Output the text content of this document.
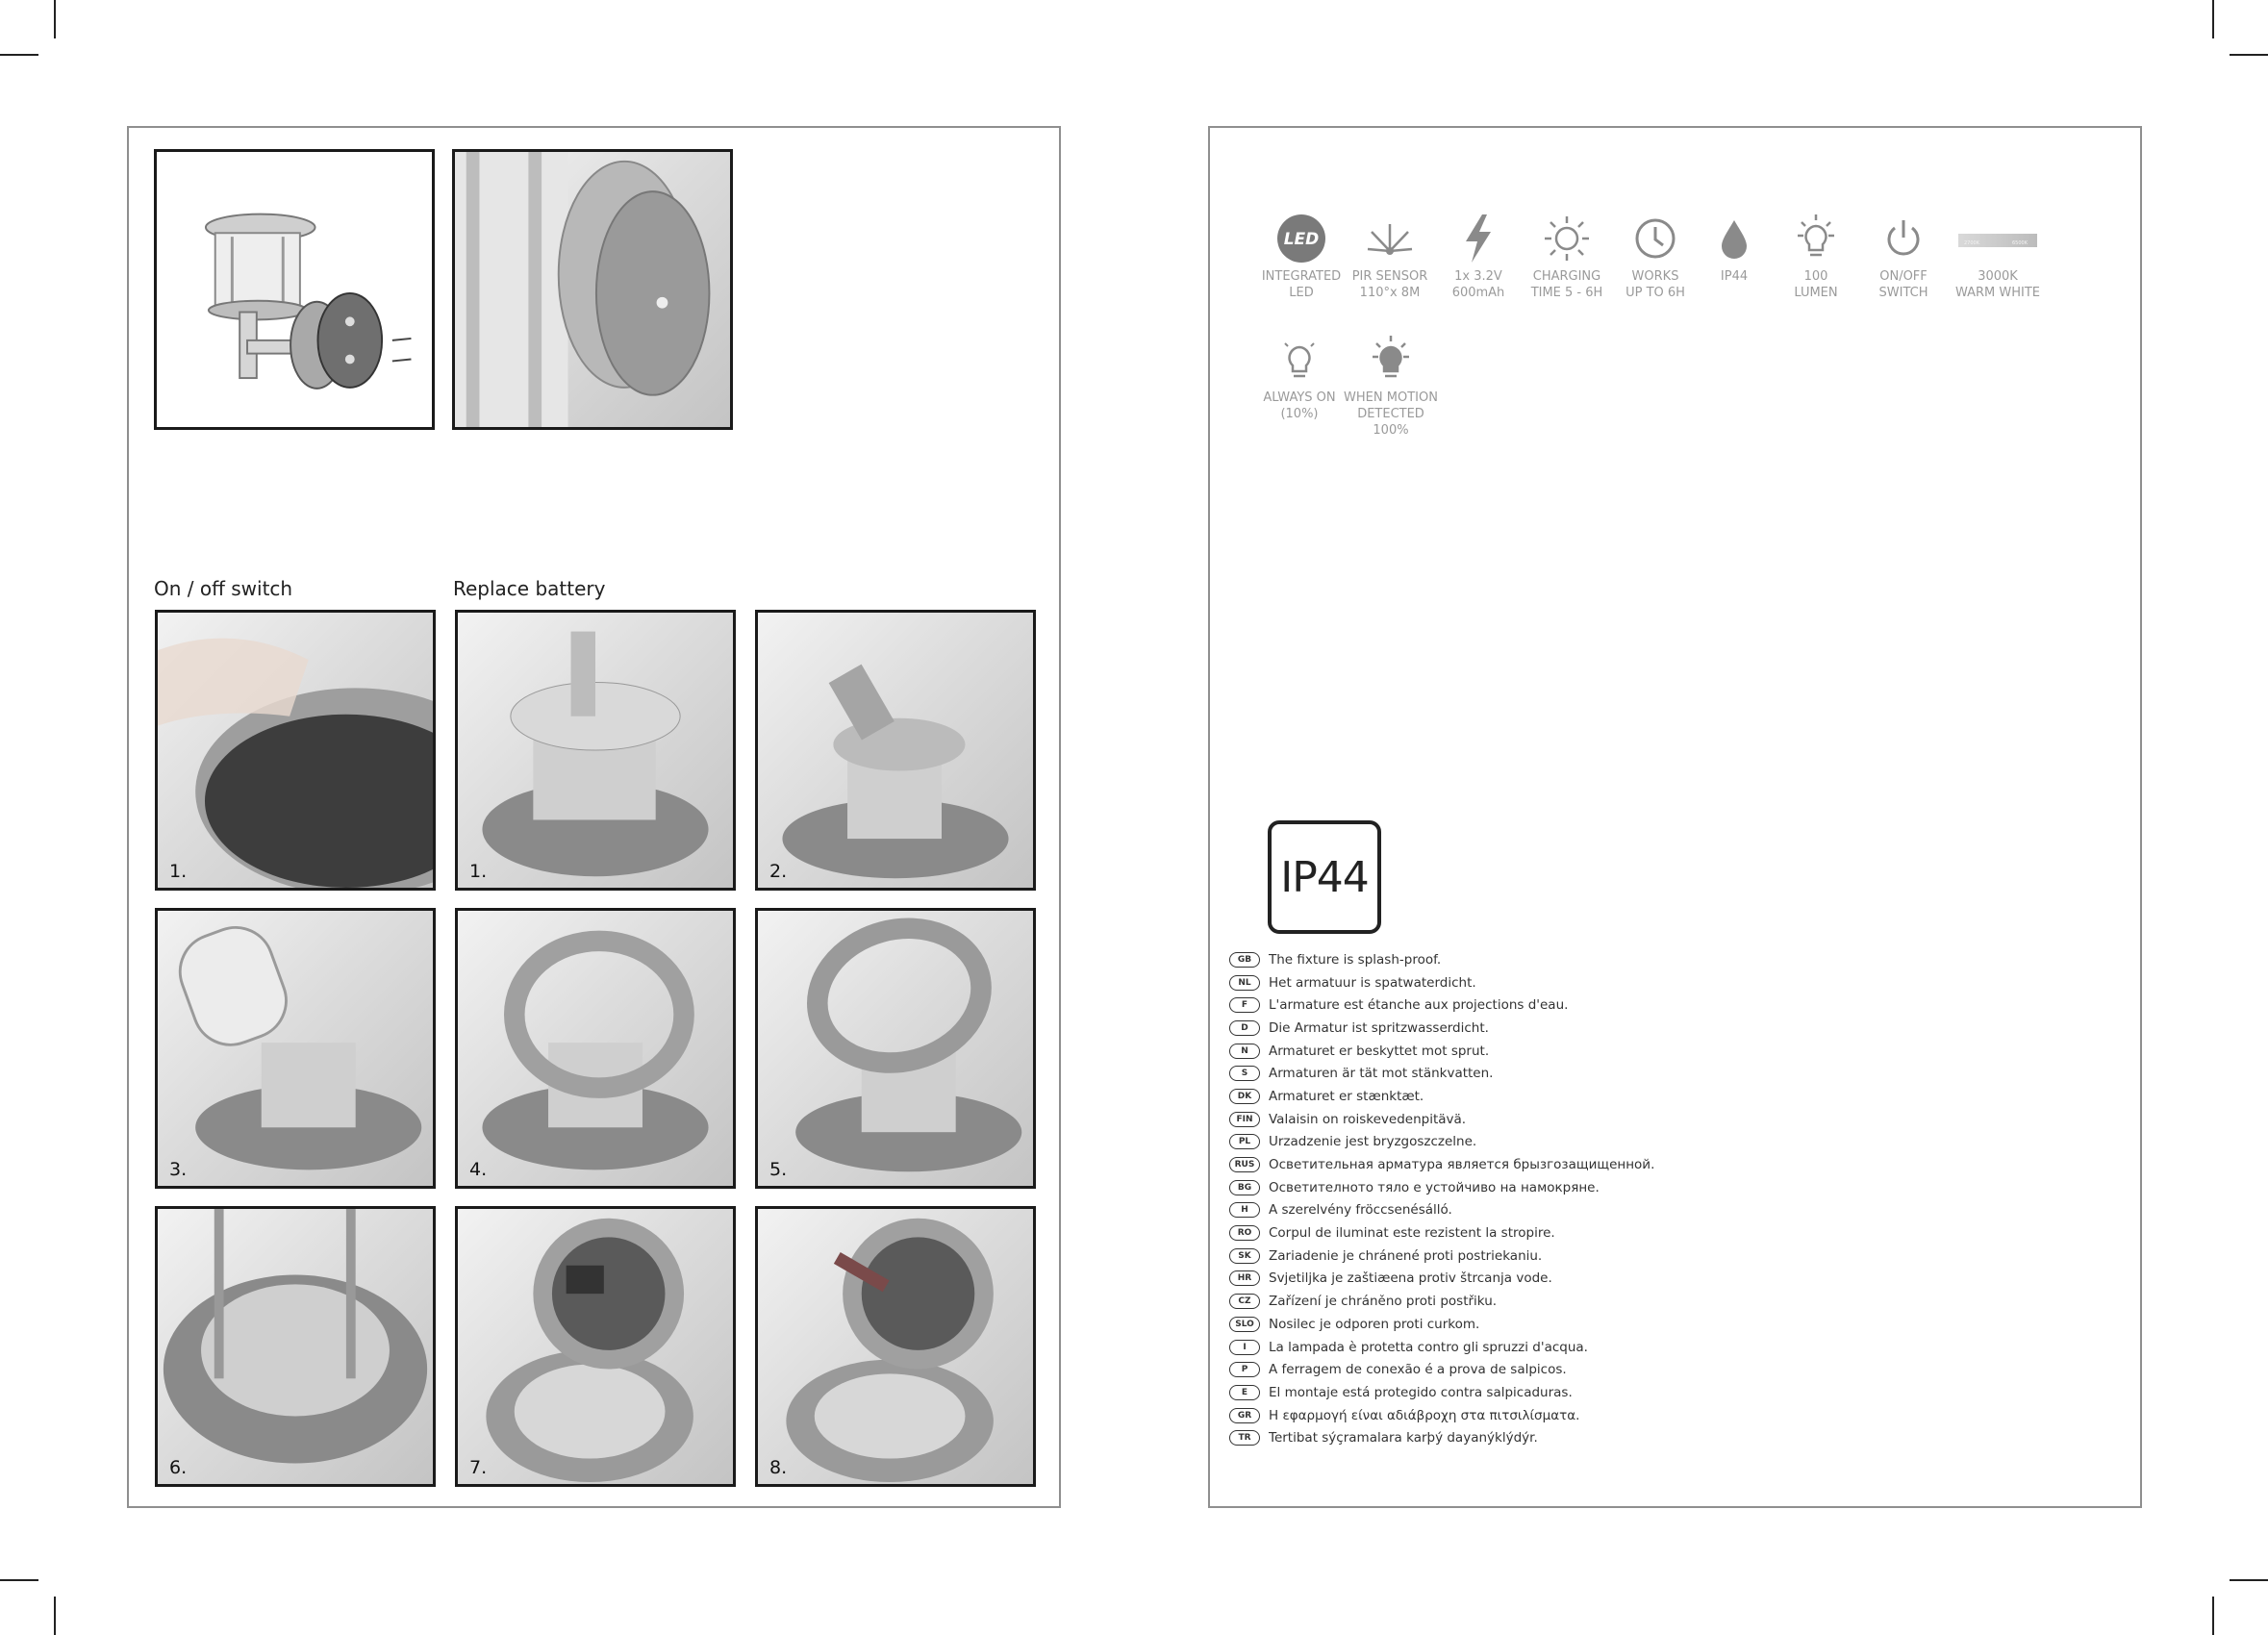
On / off switch	Replace battery
1.	1.	2.
3.	4.	5.
6.	7.	8.
LED
INTEGRATED
LED
PIR SENSOR
110°x 8M
1x 3.2V
600mAh
CHARGING
TIME 5 - 6H
WORKS
UP TO 6H
IP44	100
LUMEN
ON/OFF
SWITCH
2700K	6500K
3000K
WARM WHITE
ALWAYS ON
(10%)
WHEN MOTION
DETECTED
100%
IP44
GB	The fixture is splash-proof.
NL	Het armatuur is spatwaterdicht.
F	L'armature est étanche aux projections d'eau.
D	Die Armatur ist spritzwasserdicht.
N	Armaturet er beskyttet mot sprut.
S	Armaturen är tät mot stänkvatten.
DK	Armaturet er stænktæt.
FIN	Valaisin on roiskevedenpitävä.
PL	Urzadzenie jest bryzgoszczelne.
RUS	Осветительная арматура является брызгозащищенной.
BG	Осветителното тяло е устойчиво на намокряне.
H	A szerelvény fröccsenésálló.
RO	Corpul de iluminat este rezistent la stropire.
SK	Zariadenie je chránené proti postriekaniu.
HR	Svjetiljka je zaštiæena protiv štrcanja vode.
CZ	Zařízení je chráněno proti postřiku.
SLO	Nosilec je odporen proti curkom.
I	La lampada è protetta contro gli spruzzi d'acqua.
P	A ferragem de conexão é a prova de salpicos.
E	El montaje está protegido contra salpicaduras.
GR	Η εφαρμογή είναι αδιάβροχη στα πιτσιλίσματα.
TR	Tertibat sýçramalara karþý dayanýklýdýr.
